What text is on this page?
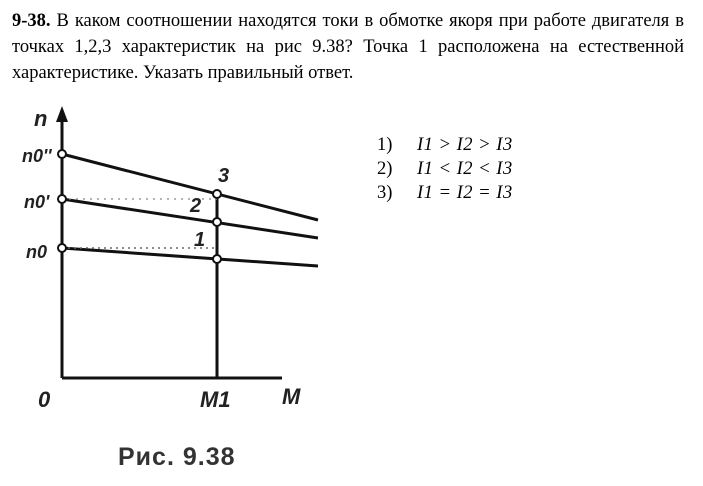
9-38. В каком соотношении находятся токи в обмотке якоря при работе двигателя в точках 1,2,3 характеристик на рис 9.38? Точка 1 расположена на естественной характеристике. Указать правильный ответ.
n
n0''
n0'
n0
3
2
1
0	M1 M
Рис. 9.38
1)	I1 > I2 > I3
2)	I1 < I2 < I3
3)	I1 = I2 = I3
